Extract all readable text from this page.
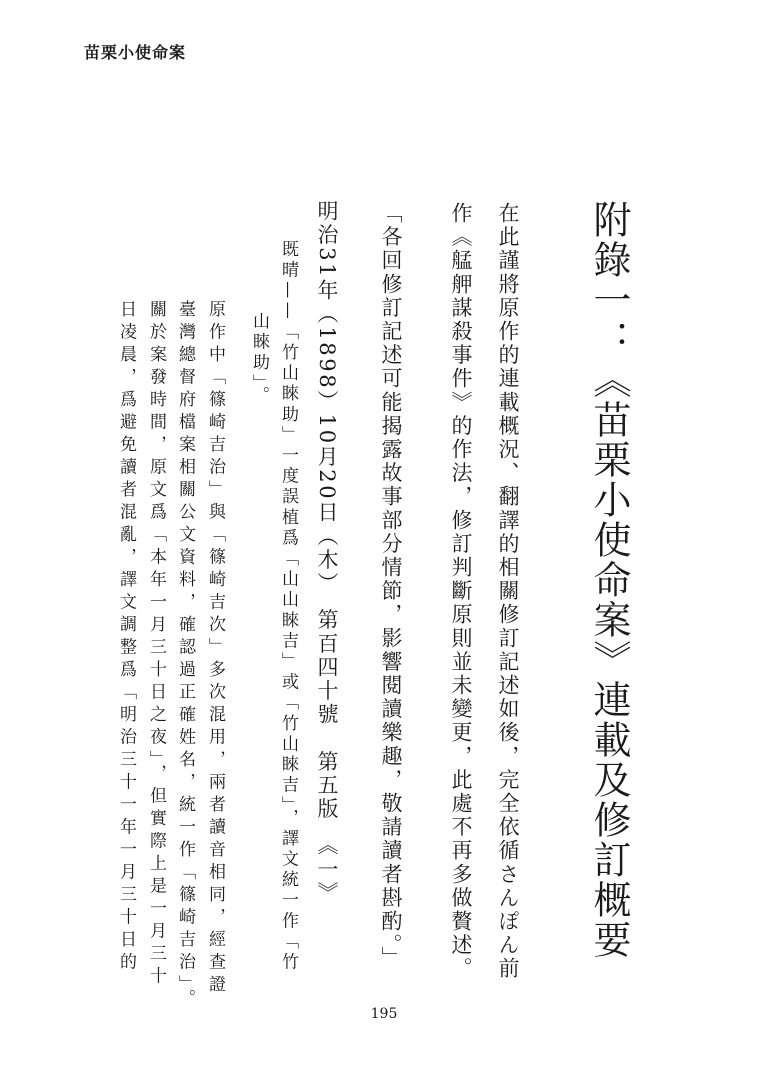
苗栗小使命案
附錄一：《苗栗小使命案》連載及修訂概要
在此謹將原作的連載概況、翻譯的相關修訂記述如後，完全依循さんぽん前
作《艋舺謀殺事件》的作法，修訂判斷原則並未變更，此處不再多做贅述。
「各回修訂記述可能揭露故事部分情節，影響閱讀樂趣，敬請讀者斟酌。」
明治31年（1898）10月20日（木）　第百四十號　第五版　《一》
既晴——「竹山睞助」一度誤植爲「山山睞吉」或「竹山睞吉」，譯文統一作「竹
山睞助」。
原作中「篠崎吉治」與「篠崎吉次」多次混用，兩者讀音相同，經查證
臺灣總督府檔案相關公文資料，確認過正確姓名，統一作「篠崎吉治」。
關於案發時間，原文爲「本年一月三十日之夜」，但實際上是一月三十
日凌晨，爲避免讀者混亂，譯文調整爲「明治三十一年一月三十日的
195
